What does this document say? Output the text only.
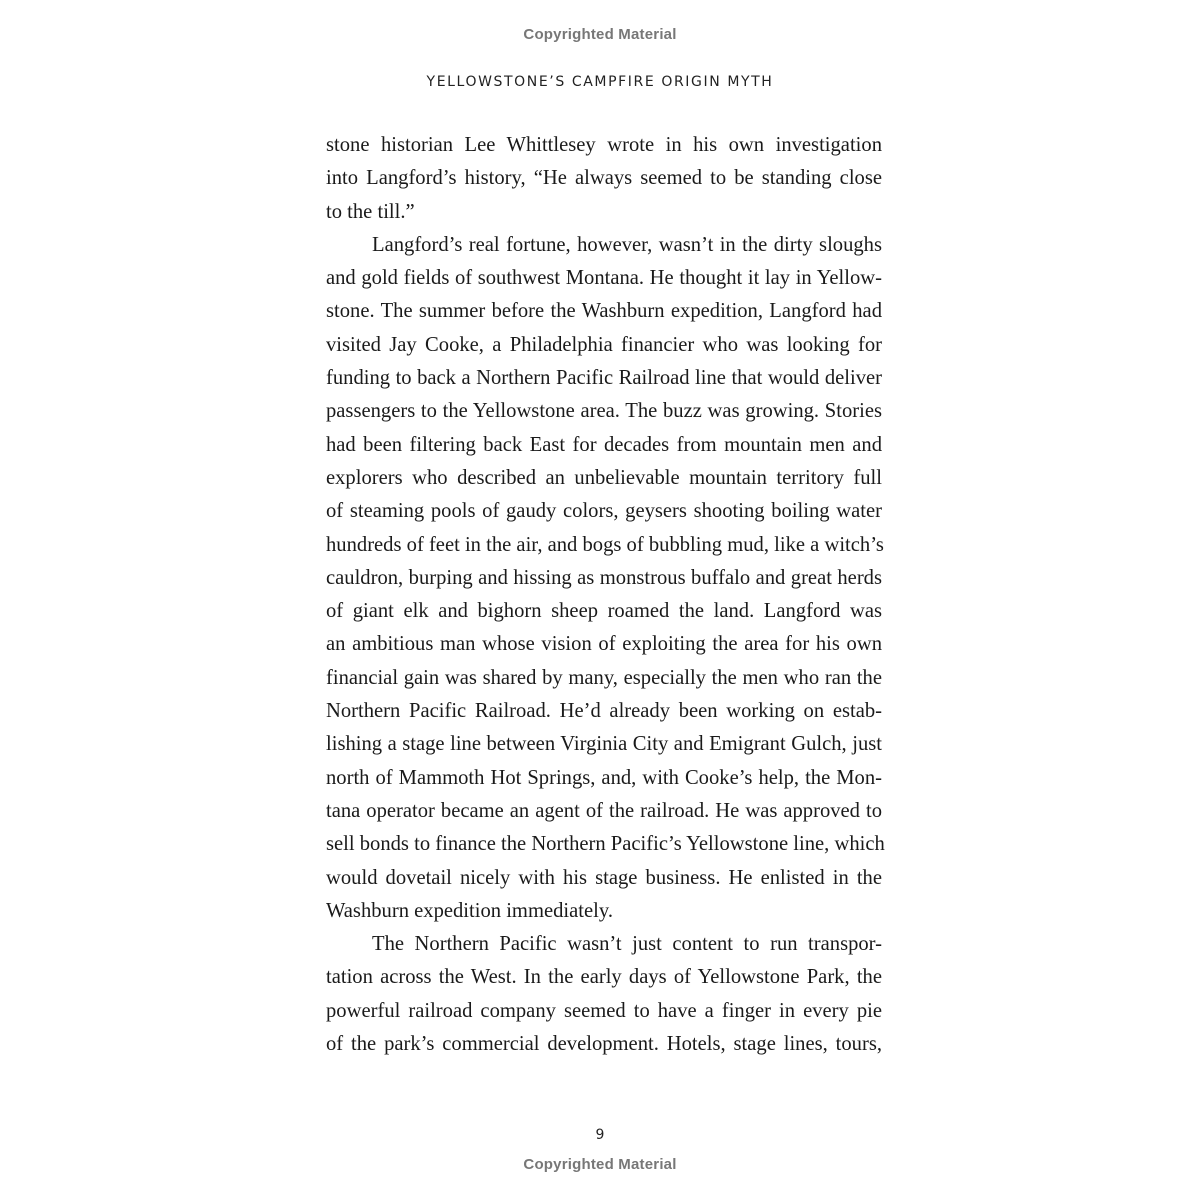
Copyrighted Material
YELLOWSTONE’S CAMPFIRE ORIGIN MYTH
stone historian Lee Whittlesey wrote in his own investigation
into Langford’s history, “He always seemed to be standing close
to the till.”
Langford’s real fortune, however, wasn’t in the dirty sloughs
and gold fields of southwest Montana. He thought it lay in Yellow-
stone. The summer before the Washburn expedition, Langford had
visited Jay Cooke, a Philadelphia financier who was looking for
funding to back a Northern Pacific Railroad line that would deliver
passengers to the Yellowstone area. The buzz was growing. Stories
had been filtering back East for decades from mountain men and
explorers who described an unbelievable mountain territory full
of steaming pools of gaudy colors, geysers shooting boiling water
hundreds of feet in the air, and bogs of bubbling mud, like a witch’s
cauldron, burping and hissing as monstrous buffalo and great herds
of giant elk and bighorn sheep roamed the land. Langford was
an ambitious man whose vision of exploiting the area for his own
financial gain was shared by many, especially the men who ran the
Northern Pacific Railroad. He’d already been working on estab-
lishing a stage line between Virginia City and Emigrant Gulch, just
north of Mammoth Hot Springs, and, with Cooke’s help, the Mon-
tana operator became an agent of the railroad. He was approved to
sell bonds to finance the Northern Pacific’s Yellowstone line, which
would dovetail nicely with his stage business. He enlisted in the
Washburn expedition immediately.
The Northern Pacific wasn’t just content to run transpor-
tation across the West. In the early days of Yellowstone Park, the
powerful railroad company seemed to have a finger in every pie
of the park’s commercial development. Hotels, stage lines, tours,
9
Copyrighted Material
